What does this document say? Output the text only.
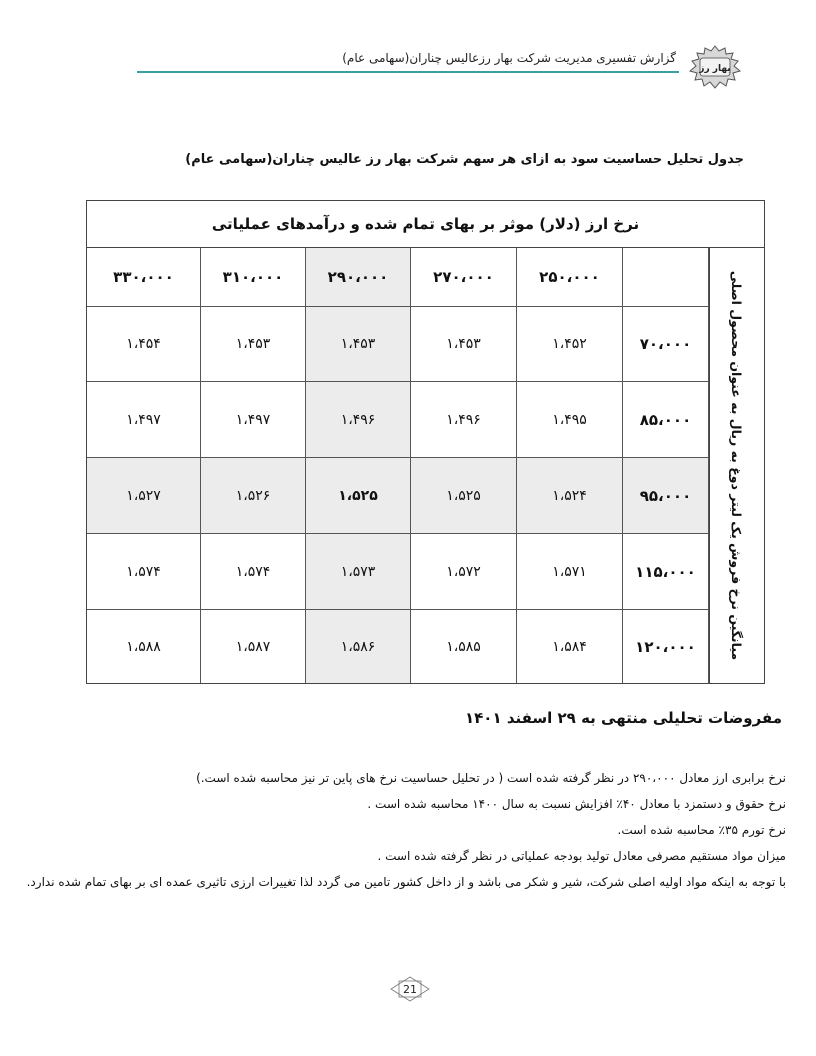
گزارش تفسیری مدیریت شرکت بهار رزعالیس چناران(سهامی عام)
بهار رز
جدول تحلیل حساسیت سود به ازای هر سهم شرکت بهار رز عالیس چناران(سهامی عام)
نرخ ارز (دلار) موثر بر بهای تمام شده و درآمدهای عملیاتی
میانگین نرخ فروش یک لیتر دوغ به ریال به عنوان محصول اصلی
۲۵۰،۰۰۰
۲۷۰،۰۰۰
۲۹۰،۰۰۰
۳۱۰،۰۰۰
۳۳۰،۰۰۰
۷۰،۰۰۰
۱،۴۵۲
۱،۴۵۳
۱،۴۵۳
۱،۴۵۳
۱،۴۵۴
۸۵،۰۰۰
۱،۴۹۵
۱،۴۹۶
۱،۴۹۶
۱،۴۹۷
۱،۴۹۷
۹۵،۰۰۰
۱،۵۲۴
۱،۵۲۵
۱،۵۲۵
۱،۵۲۶
۱،۵۲۷
۱۱۵،۰۰۰
۱،۵۷۱
۱،۵۷۲
۱،۵۷۳
۱،۵۷۴
۱،۵۷۴
۱۲۰،۰۰۰
۱،۵۸۴
۱،۵۸۵
۱،۵۸۶
۱،۵۸۷
۱،۵۸۸
مفروضات تحلیلی منتهی به ۲۹ اسفند ۱۴۰۱
نرخ برابری ارز معادل ۲۹۰،۰۰۰ در نظر گرفته شده است ( در تحلیل حساسیت نرخ های پاین تر نیز محاسبه شده است.)
نرخ حقوق و دستمزد با معادل ۴۰٪ افزایش نسبت به سال ۱۴۰۰ محاسبه شده است .
نرخ تورم ۳۵٪ محاسبه شده است.
میزان مواد مستقیم مصرفی معادل تولید بودجه عملیاتی در نظر گرفته شده است .
با توجه به اینکه مواد اولیه اصلی شرکت، شیر و شکر می باشد و از داخل کشور تامین می گردد لذا تغییرات ارزی تاثیری عمده ای بر بهای تمام شده ندارد.
21
